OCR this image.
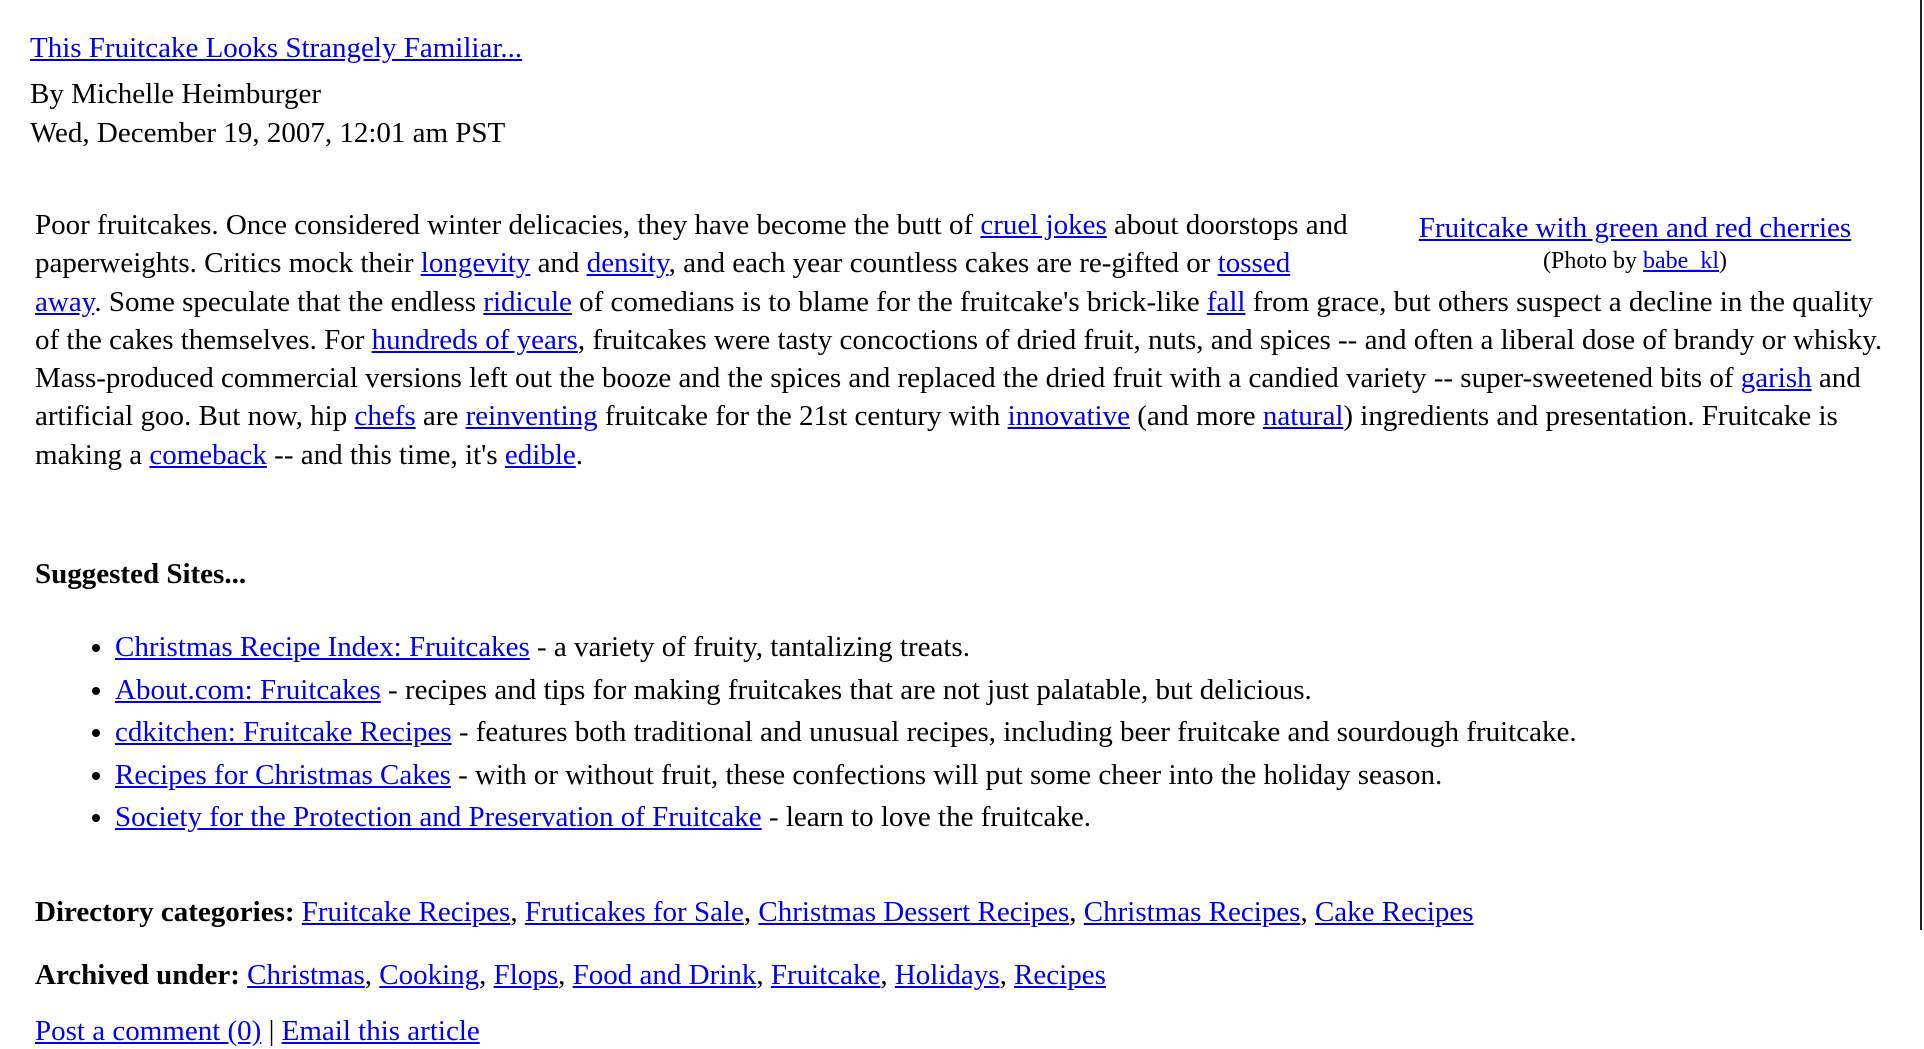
This Fruitcake Looks Strangely Familiar...
By Michelle Heimburger
Wed, December 19, 2007, 12:01 am PST
Fruitcake with green and red cherries
(Photo by babe_kl)
Poor fruitcakes. Once considered winter delicacies, they have become the butt of cruel jokes about doorstops and paperweights. Critics mock their longevity and density, and each year countless cakes are re-gifted or tossed away. Some speculate that the endless ridicule of comedians is to blame for the fruitcake's brick-like fall from grace, but others suspect a decline in the quality of the cakes themselves. For hundreds of years, fruitcakes were tasty concoctions of dried fruit, nuts, and spices -- and often a liberal dose of brandy or whisky. Mass-produced commercial versions left out the booze and the spices and replaced the dried fruit with a candied variety -- super-sweetened bits of garish and artificial goo. But now, hip chefs are reinventing fruitcake for the 21st century with innovative (and more natural) ingredients and presentation. Fruitcake is making a comeback -- and this time, it's edible.
Suggested Sites...
• Christmas Recipe Index: Fruitcakes - a variety of fruity, tantalizing treats.
• About.com: Fruitcakes - recipes and tips for making fruitcakes that are not just palatable, but delicious.
• cdkitchen: Fruitcake Recipes - features both traditional and unusual recipes, including beer fruitcake and sourdough fruitcake.
• Recipes for Christmas Cakes - with or without fruit, these confections will put some cheer into the holiday season.
• Society for the Protection and Preservation of Fruitcake - learn to love the fruitcake.
Directory categories: Fruitcake Recipes, Fruticakes for Sale, Christmas Dessert Recipes, Christmas Recipes, Cake Recipes
Archived under: Christmas, Cooking, Flops, Food and Drink, Fruitcake, Holidays, Recipes
Post a comment (0) | Email this article
